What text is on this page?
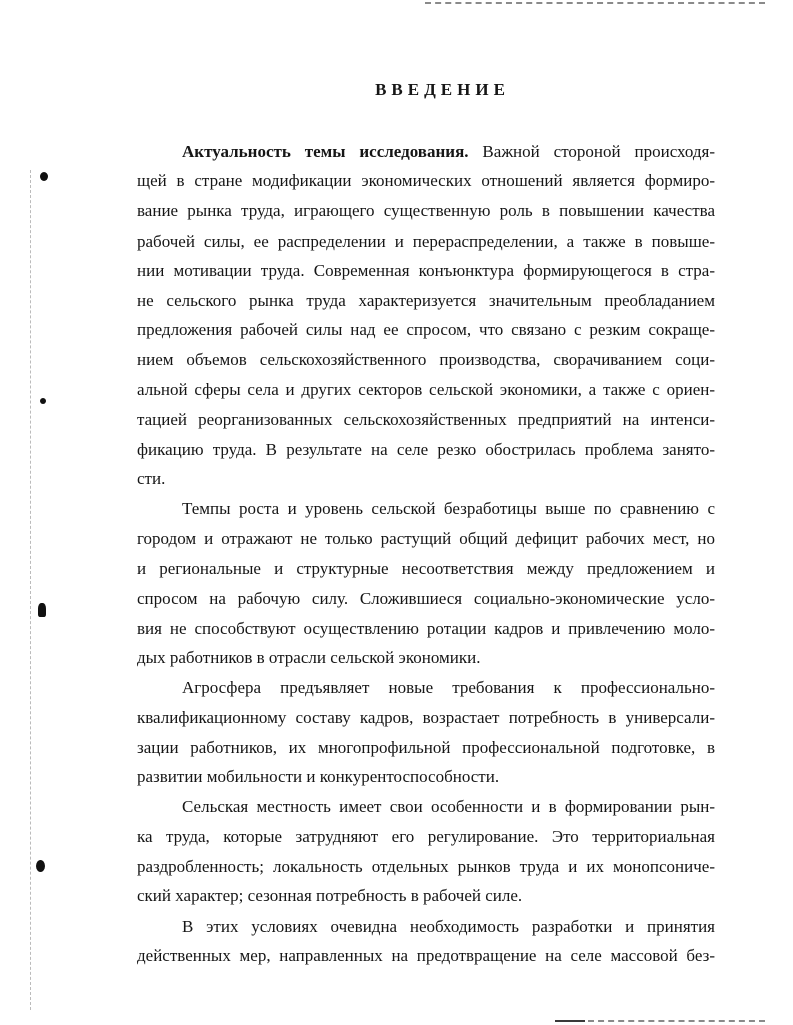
ВВЕДЕНИЕ
Актуальность темы исследования. Важной стороной происходя-
щей в стране модификации экономических отношений является формиро-
вание рынка труда, играющего существенную роль в повышении качества
рабочей силы, ее распределении и перераспределении, а также в повыше-
нии мотивации труда. Современная конъюнктура формирующегося в стра-
не сельского рынка труда характеризуется значительным преобладанием
предложения рабочей силы над ее спросом, что связано с резким сокраще-
нием объемов сельскохозяйственного производства, сворачиванием соци-
альной сферы села и других секторов сельской экономики, а также с ориен-
тацией реорганизованных сельскохозяйственных предприятий на интенси-
фикацию труда. В результате на селе резко обострилась проблема занято-
сти.
Темпы роста и уровень сельской безработицы выше по сравнению с
городом и отражают не только растущий общий дефицит рабочих мест, но
и региональные и структурные несоответствия между предложением и
спросом на рабочую силу. Сложившиеся социально-экономические усло-
вия не способствуют осуществлению ротации кадров и привлечению моло-
дых работников в отрасли сельской экономики.
Агросфера предъявляет новые требования к профессионально-
квалификационному составу кадров, возрастает потребность в универсали-
зации работников, их многопрофильной профессиональной подготовке, в
развитии мобильности и конкурентоспособности.
Сельская местность имеет свои особенности и в формировании рын-
ка труда, которые затрудняют его регулирование. Это территориальная
раздробленность; локальность отдельных рынков труда и их монопсониче-
ский характер; сезонная потребность в рабочей силе.
В этих условиях очевидна необходимость разработки и принятия
действенных мер, направленных на предотвращение на селе массовой без-
